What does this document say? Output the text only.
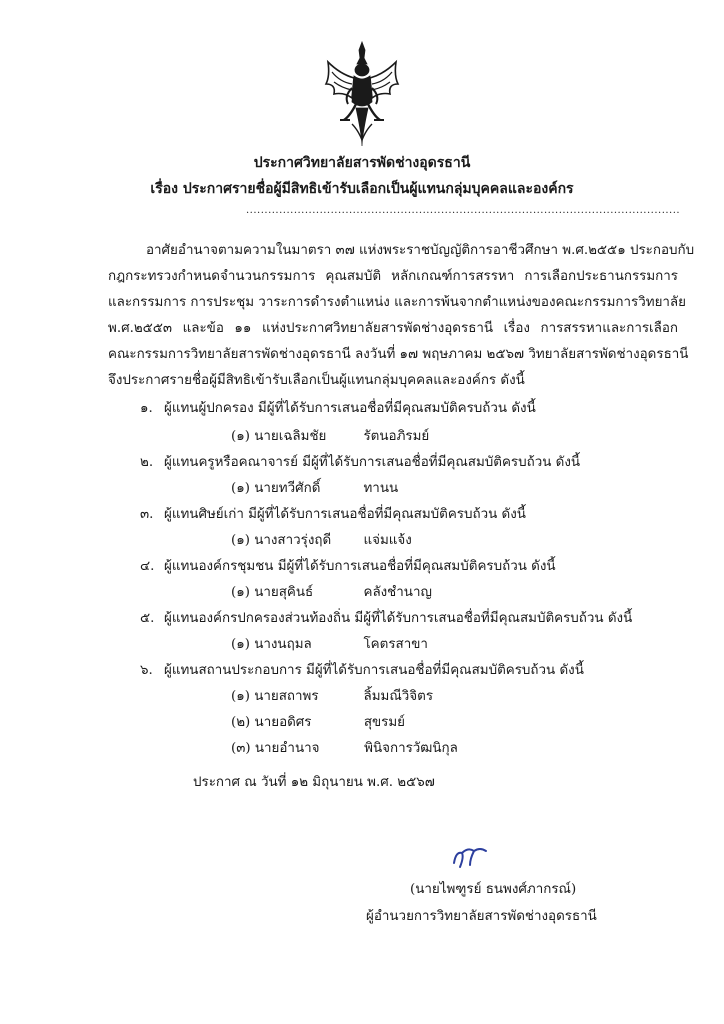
ประกาศวิทยาลัยสารพัดช่างอุดรธานี
เรื่อง ประกาศรายชื่อผู้มีสิทธิเข้ารับเลือกเป็นผู้แทนกลุ่มบุคคลและองค์กร
......................................................................................................................
อาศัยอำนาจตามความในมาตรา ๓๗ แห่งพระราชบัญญัติการอาชีวศึกษา พ.ศ.๒๕๕๑ ประกอบกับ
กฎกระทรวงกำหนดจำนวนกรรมการ คุณสมบัติ หลักเกณฑ์การสรรหา การเลือกประธานกรรมการ
และกรรมการ การประชุม วาระการดำรงตำแหน่ง และการพ้นจากตำแหน่งของคณะกรรมการวิทยาลัย
พ.ศ.๒๕๕๓ และข้อ ๑๑ แห่งประกาศวิทยาลัยสารพัดช่างอุดรธานี เรื่อง การสรรหาและการเลือก
คณะกรรมการวิทยาลัยสารพัดช่างอุดรธานี ลงวันที่ ๑๗ พฤษภาคม ๒๕๖๗ วิทยาลัยสารพัดช่างอุดรธานี
จึงประกาศรายชื่อผู้มีสิทธิเข้ารับเลือกเป็นผู้แทนกลุ่มบุคคลและองค์กร ดังนี้
๑. ผู้แทนผู้ปกครอง มีผู้ที่ได้รับการเสนอชื่อที่มีคุณสมบัติครบถ้วน ดังนี้
(๑) นายเฉลิมชัย	รัตนอภิรมย์
๒. ผู้แทนครูหรือคณาจารย์ มีผู้ที่ได้รับการเสนอชื่อที่มีคุณสมบัติครบถ้วน ดังนี้
(๑) นายทวีศักดิ์	ทานน
๓. ผู้แทนศิษย์เก่า มีผู้ที่ได้รับการเสนอชื่อที่มีคุณสมบัติครบถ้วน ดังนี้
(๑) นางสาวรุ่งฤดี แจ่มแจ้ง
๔. ผู้แทนองค์กรชุมชน มีผู้ที่ได้รับการเสนอชื่อที่มีคุณสมบัติครบถ้วน ดังนี้
(๑) นายสุคินธ์	คลังชำนาญ
๕. ผู้แทนองค์กรปกครองส่วนท้องถิ่น มีผู้ที่ได้รับการเสนอชื่อที่มีคุณสมบัติครบถ้วน ดังนี้
(๑) นางนฤมล	โคตรสาขา
๖. ผู้แทนสถานประกอบการ มีผู้ที่ได้รับการเสนอชื่อที่มีคุณสมบัติครบถ้วน ดังนี้
(๑) นายสถาพร	ลิ้มมณีวิจิตร
(๒) นายอดิศร	สุขรมย์
(๓) นายอำนาจ	พินิจการวัฒนิกุล
ประกาศ ณ วันที่ ๑๒ มิถุนายน พ.ศ. ๒๕๖๗
(นายไพฑูรย์ ธนพงศ์ภากรณ์)
ผู้อำนวยการวิทยาลัยสารพัดช่างอุดรธานี
